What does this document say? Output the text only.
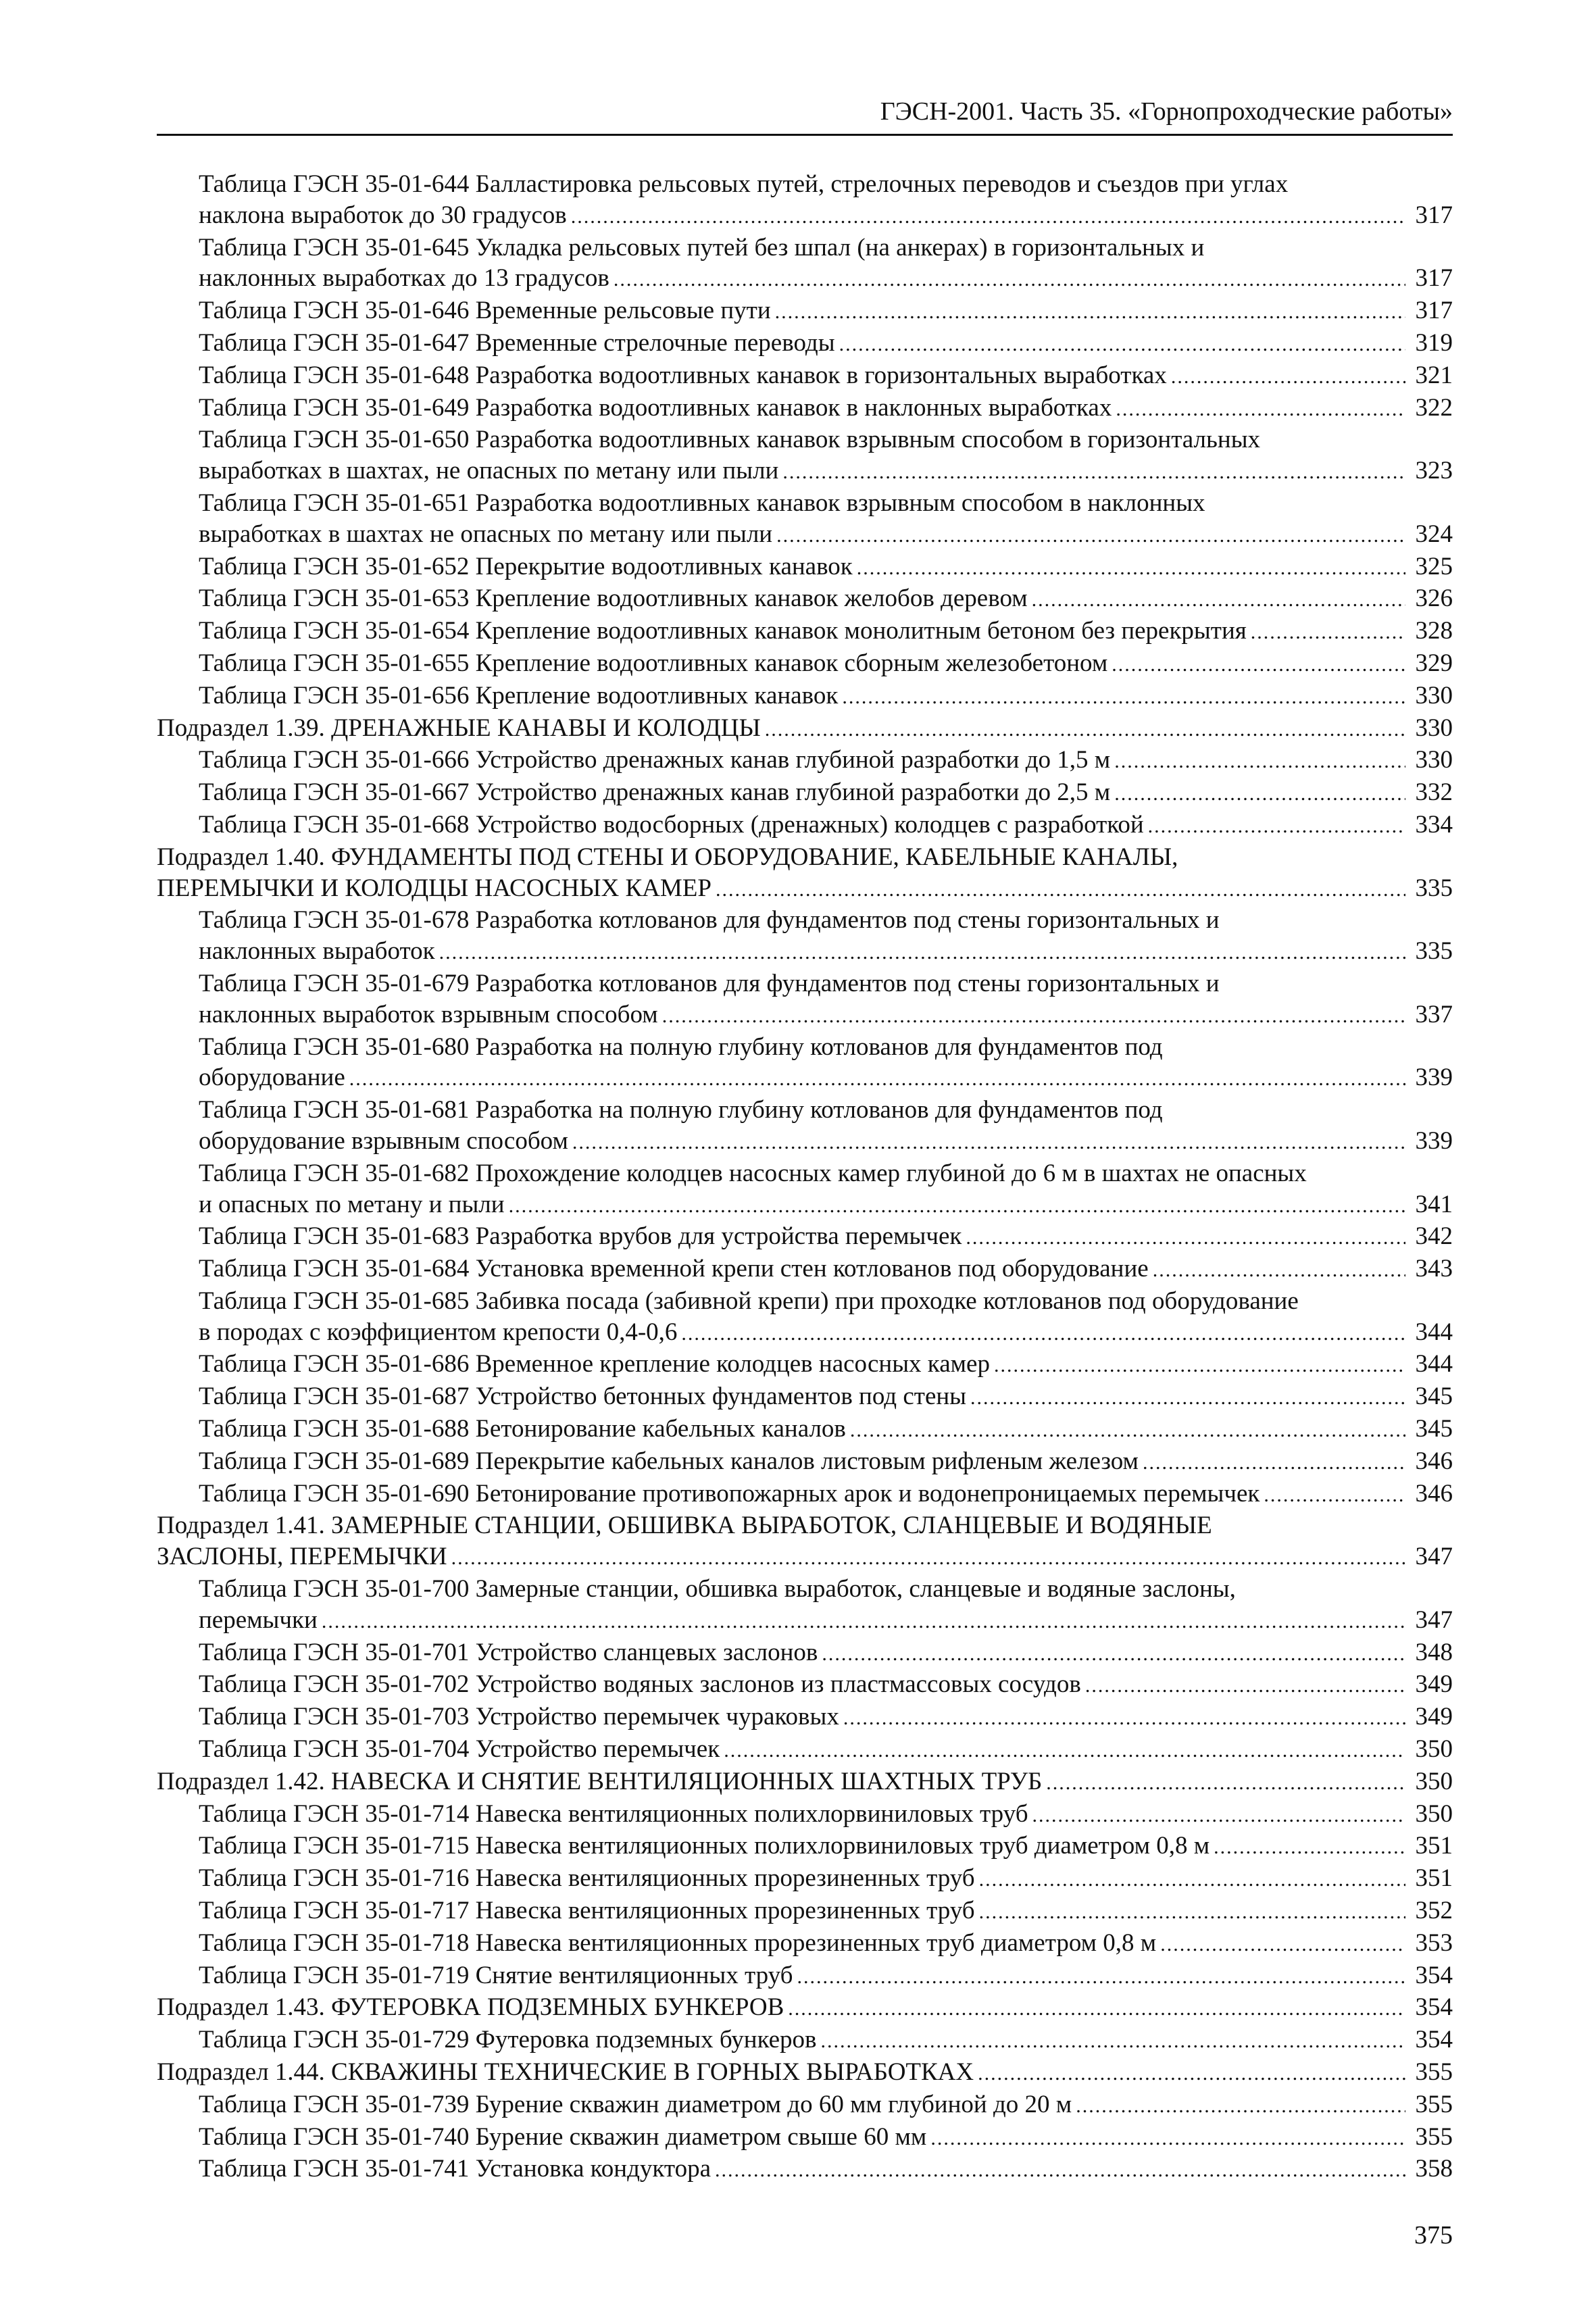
ГЭСН-2001. Часть 35. «Горнопроходческие работы»
Таблица ГЭСН 35-01-644 Балластировка рельсовых путей, стрелочных переводов и съездов при углах
наклона выработок до 30 градусов .....	317
Таблица ГЭСН 35-01-645 Укладка рельсовых путей без шпал (на анкерах) в горизонтальных и
наклонных выработках до 13 градусов .....	317
Таблица ГЭСН 35-01-646 Временные рельсовые пути .....	317
Таблица ГЭСН 35-01-647 Временные стрелочные переводы .....	319
Таблица ГЭСН 35-01-648 Разработка водоотливных канавок в горизонтальных выработках .....	321
Таблица ГЭСН 35-01-649 Разработка водоотливных канавок в наклонных выработках .....	322
Таблица ГЭСН 35-01-650 Разработка водоотливных канавок взрывным способом в горизонтальных
выработках в шахтах, не опасных по метану или пыли .....	323
Таблица ГЭСН 35-01-651 Разработка водоотливных канавок взрывным способом в наклонных
выработках в шахтах не опасных по метану или пыли .....	324
Таблица ГЭСН 35-01-652 Перекрытие водоотливных канавок .....	325
Таблица ГЭСН 35-01-653 Крепление водоотливных канавок желобов деревом .....	326
Таблица ГЭСН 35-01-654 Крепление водоотливных канавок монолитным бетоном без перекрытия .....	328
Таблица ГЭСН 35-01-655 Крепление водоотливных канавок сборным железобетоном .....	329
Таблица ГЭСН 35-01-656 Крепление водоотливных канавок .....	330
Подраздел 1.39. ДРЕНАЖНЫЕ КАНАВЫ И КОЛОДЦЫ .....	330
Таблица ГЭСН 35-01-666 Устройство дренажных канав глубиной разработки до 1,5 м .....	330
Таблица ГЭСН 35-01-667 Устройство дренажных канав глубиной разработки до 2,5 м .....	332
Таблица ГЭСН 35-01-668 Устройство водосборных (дренажных) колодцев с разработкой .....	334
Подраздел 1.40. ФУНДАМЕНТЫ ПОД СТЕНЫ И ОБОРУДОВАНИЕ, КАБЕЛЬНЫЕ КАНАЛЫ,
ПЕРЕМЫЧКИ И КОЛОДЦЫ НАСОСНЫХ КАМЕР .....	335
Таблица ГЭСН 35-01-678 Разработка котлованов для фундаментов под стены горизонтальных и
наклонных выработок .....	335
Таблица ГЭСН 35-01-679 Разработка котлованов для фундаментов под стены горизонтальных и
наклонных выработок взрывным способом .....	337
Таблица ГЭСН 35-01-680 Разработка на полную глубину котлованов для фундаментов под
оборудование .....	339
Таблица ГЭСН 35-01-681 Разработка на полную глубину котлованов для фундаментов под
оборудование взрывным способом .....	339
Таблица ГЭСН 35-01-682 Прохождение колодцев насосных камер глубиной до 6 м в шахтах не опасных
и опасных по метану и пыли .....	341
Таблица ГЭСН 35-01-683 Разработка врубов для устройства перемычек .....	342
Таблица ГЭСН 35-01-684 Установка временной крепи стен котлованов под оборудование .....	343
Таблица ГЭСН 35-01-685 Забивка посада (забивной крепи) при проходке котлованов под оборудование
в породах с коэффициентом крепости 0,4-0,6 .....	344
Таблица ГЭСН 35-01-686 Временное крепление колодцев насосных камер .....	344
Таблица ГЭСН 35-01-687 Устройство бетонных фундаментов под стены .....	345
Таблица ГЭСН 35-01-688 Бетонирование кабельных каналов .....	345
Таблица ГЭСН 35-01-689 Перекрытие кабельных каналов листовым рифленым железом .....	346
Таблица ГЭСН 35-01-690 Бетонирование противопожарных арок и водонепроницаемых перемычек .....	346
Подраздел 1.41. ЗАМЕРНЫЕ СТАНЦИИ, ОБШИВКА ВЫРАБОТОК, СЛАНЦЕВЫЕ И ВОДЯНЫЕ
ЗАСЛОНЫ, ПЕРЕМЫЧКИ .....	347
Таблица ГЭСН 35-01-700 Замерные станции, обшивка выработок, сланцевые и водяные заслоны,
перемычки .....	347
Таблица ГЭСН 35-01-701 Устройство сланцевых заслонов .....	348
Таблица ГЭСН 35-01-702 Устройство водяных заслонов из пластмассовых сосудов .....	349
Таблица ГЭСН 35-01-703 Устройство перемычек чураковых .....	349
Таблица ГЭСН 35-01-704 Устройство перемычек .....	350
Подраздел 1.42. НАВЕСКА И СНЯТИЕ ВЕНТИЛЯЦИОННЫХ ШАХТНЫХ ТРУБ .....	350
Таблица ГЭСН 35-01-714 Навеска вентиляционных полихлорвиниловых труб .....	350
Таблица ГЭСН 35-01-715 Навеска вентиляционных полихлорвиниловых труб диаметром 0,8 м .....	351
Таблица ГЭСН 35-01-716 Навеска вентиляционных прорезиненных труб .....	351
Таблица ГЭСН 35-01-717 Навеска вентиляционных прорезиненных труб .....	352
Таблица ГЭСН 35-01-718 Навеска вентиляционных прорезиненных труб диаметром 0,8 м .....	353
Таблица ГЭСН 35-01-719 Снятие вентиляционных труб .....	354
Подраздел 1.43. ФУТЕРОВКА ПОДЗЕМНЫХ БУНКЕРОВ .....	354
Таблица ГЭСН 35-01-729 Футеровка подземных бункеров .....	354
Подраздел 1.44. СКВАЖИНЫ ТЕХНИЧЕСКИЕ В ГОРНЫХ ВЫРАБОТКАХ .....	355
Таблица ГЭСН 35-01-739 Бурение скважин диаметром до 60 мм глубиной до 20 м .....	355
Таблица ГЭСН 35-01-740 Бурение скважин диаметром свыше 60 мм .....	355
Таблица ГЭСН 35-01-741 Установка кондуктора .....	358
375
